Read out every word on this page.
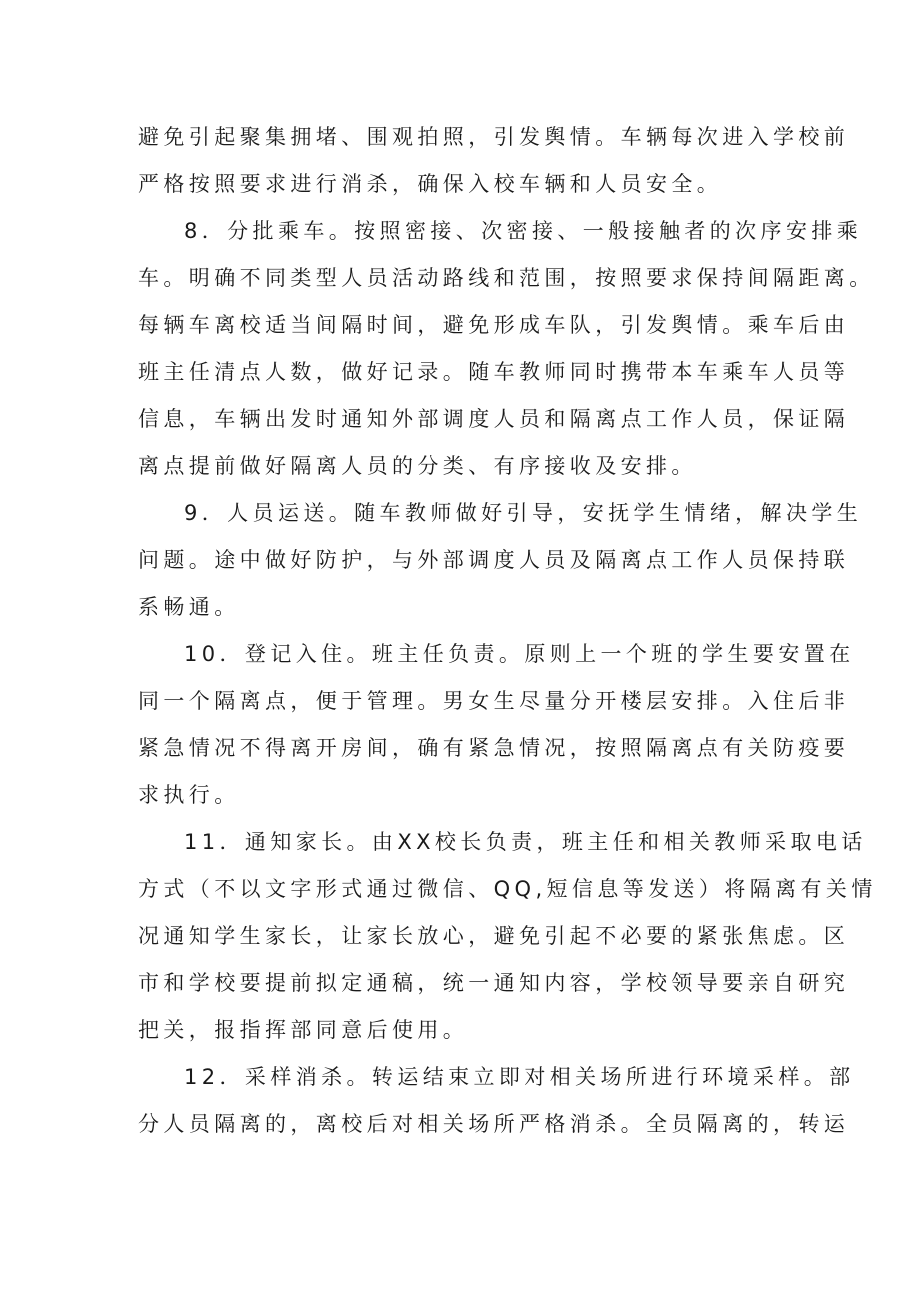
避免引起聚集拥堵、围观拍照，引发舆情。车辆每次进入学校前
严格按照要求进行消杀，确保入校车辆和人员安全。
8．分批乘车。按照密接、次密接、一般接触者的次序安排乘
车。明确不同类型人员活动路线和范围，按照要求保持间隔距离。
每辆车离校适当间隔时间，避免形成车队，引发舆情。乘车后由
班主任清点人数，做好记录。随车教师同时携带本车乘车人员等
信息，车辆出发时通知外部调度人员和隔离点工作人员，保证隔
离点提前做好隔离人员的分类、有序接收及安排。
9．人员运送。随车教师做好引导，安抚学生情绪，解决学生
问题。途中做好防护，与外部调度人员及隔离点工作人员保持联
系畅通。
10．登记入住。班主任负责。原则上一个班的学生要安置在
同一个隔离点，便于管理。男女生尽量分开楼层安排。入住后非
紧急情况不得离开房间，确有紧急情况，按照隔离点有关防疫要
求执行。
11．通知家长。由XX校长负责，班主任和相关教师采取电话
方式（不以文字形式通过微信、QQ,短信息等发送）将隔离有关情
况通知学生家长，让家长放心，避免引起不必要的紧张焦虑。区
市和学校要提前拟定通稿，统一通知内容，学校领导要亲自研究
把关，报指挥部同意后使用。
12．采样消杀。转运结束立即对相关场所进行环境采样。部
分人员隔离的，离校后对相关场所严格消杀。全员隔离的，转运
